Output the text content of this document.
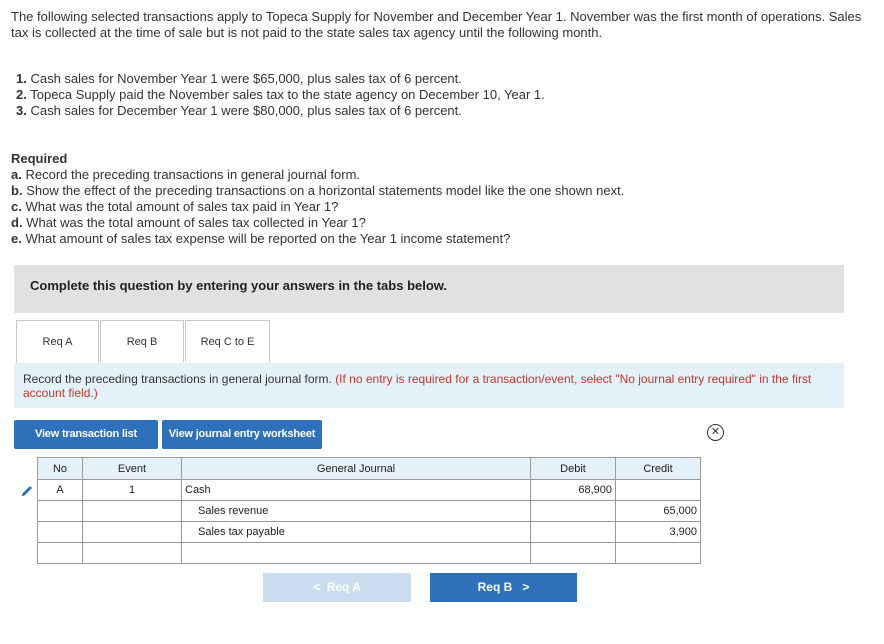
The following selected transactions apply to Topeca Supply for November and December Year 1. November was the first month of operations. Sales tax is collected at the time of sale but is not paid to the state sales tax agency until the following month.
1. Cash sales for November Year 1 were $65,000, plus sales tax of 6 percent.
2. Topeca Supply paid the November sales tax to the state agency on December 10, Year 1.
3. Cash sales for December Year 1 were $80,000, plus sales tax of 6 percent.
Required
a. Record the preceding transactions in general journal form.
b. Show the effect of the preceding transactions on a horizontal statements model like the one shown next.
c. What was the total amount of sales tax paid in Year 1?
d. What was the total amount of sales tax collected in Year 1?
e. What amount of sales tax expense will be reported on the Year 1 income statement?
Complete this question by entering your answers in the tabs below.
Req A	Req B	Req C to E
Record the preceding transactions in general journal form. (If no entry is required for a transaction/event, select "No journal entry required" in the first account field.)
View transaction list	View journal entry worksheet	✕
No	Event	General Journal	Debit	Credit
A	1	Cash	68,900	
		Sales revenue		65,000
		Sales tax payable		3,900

< Req A	Req B >
